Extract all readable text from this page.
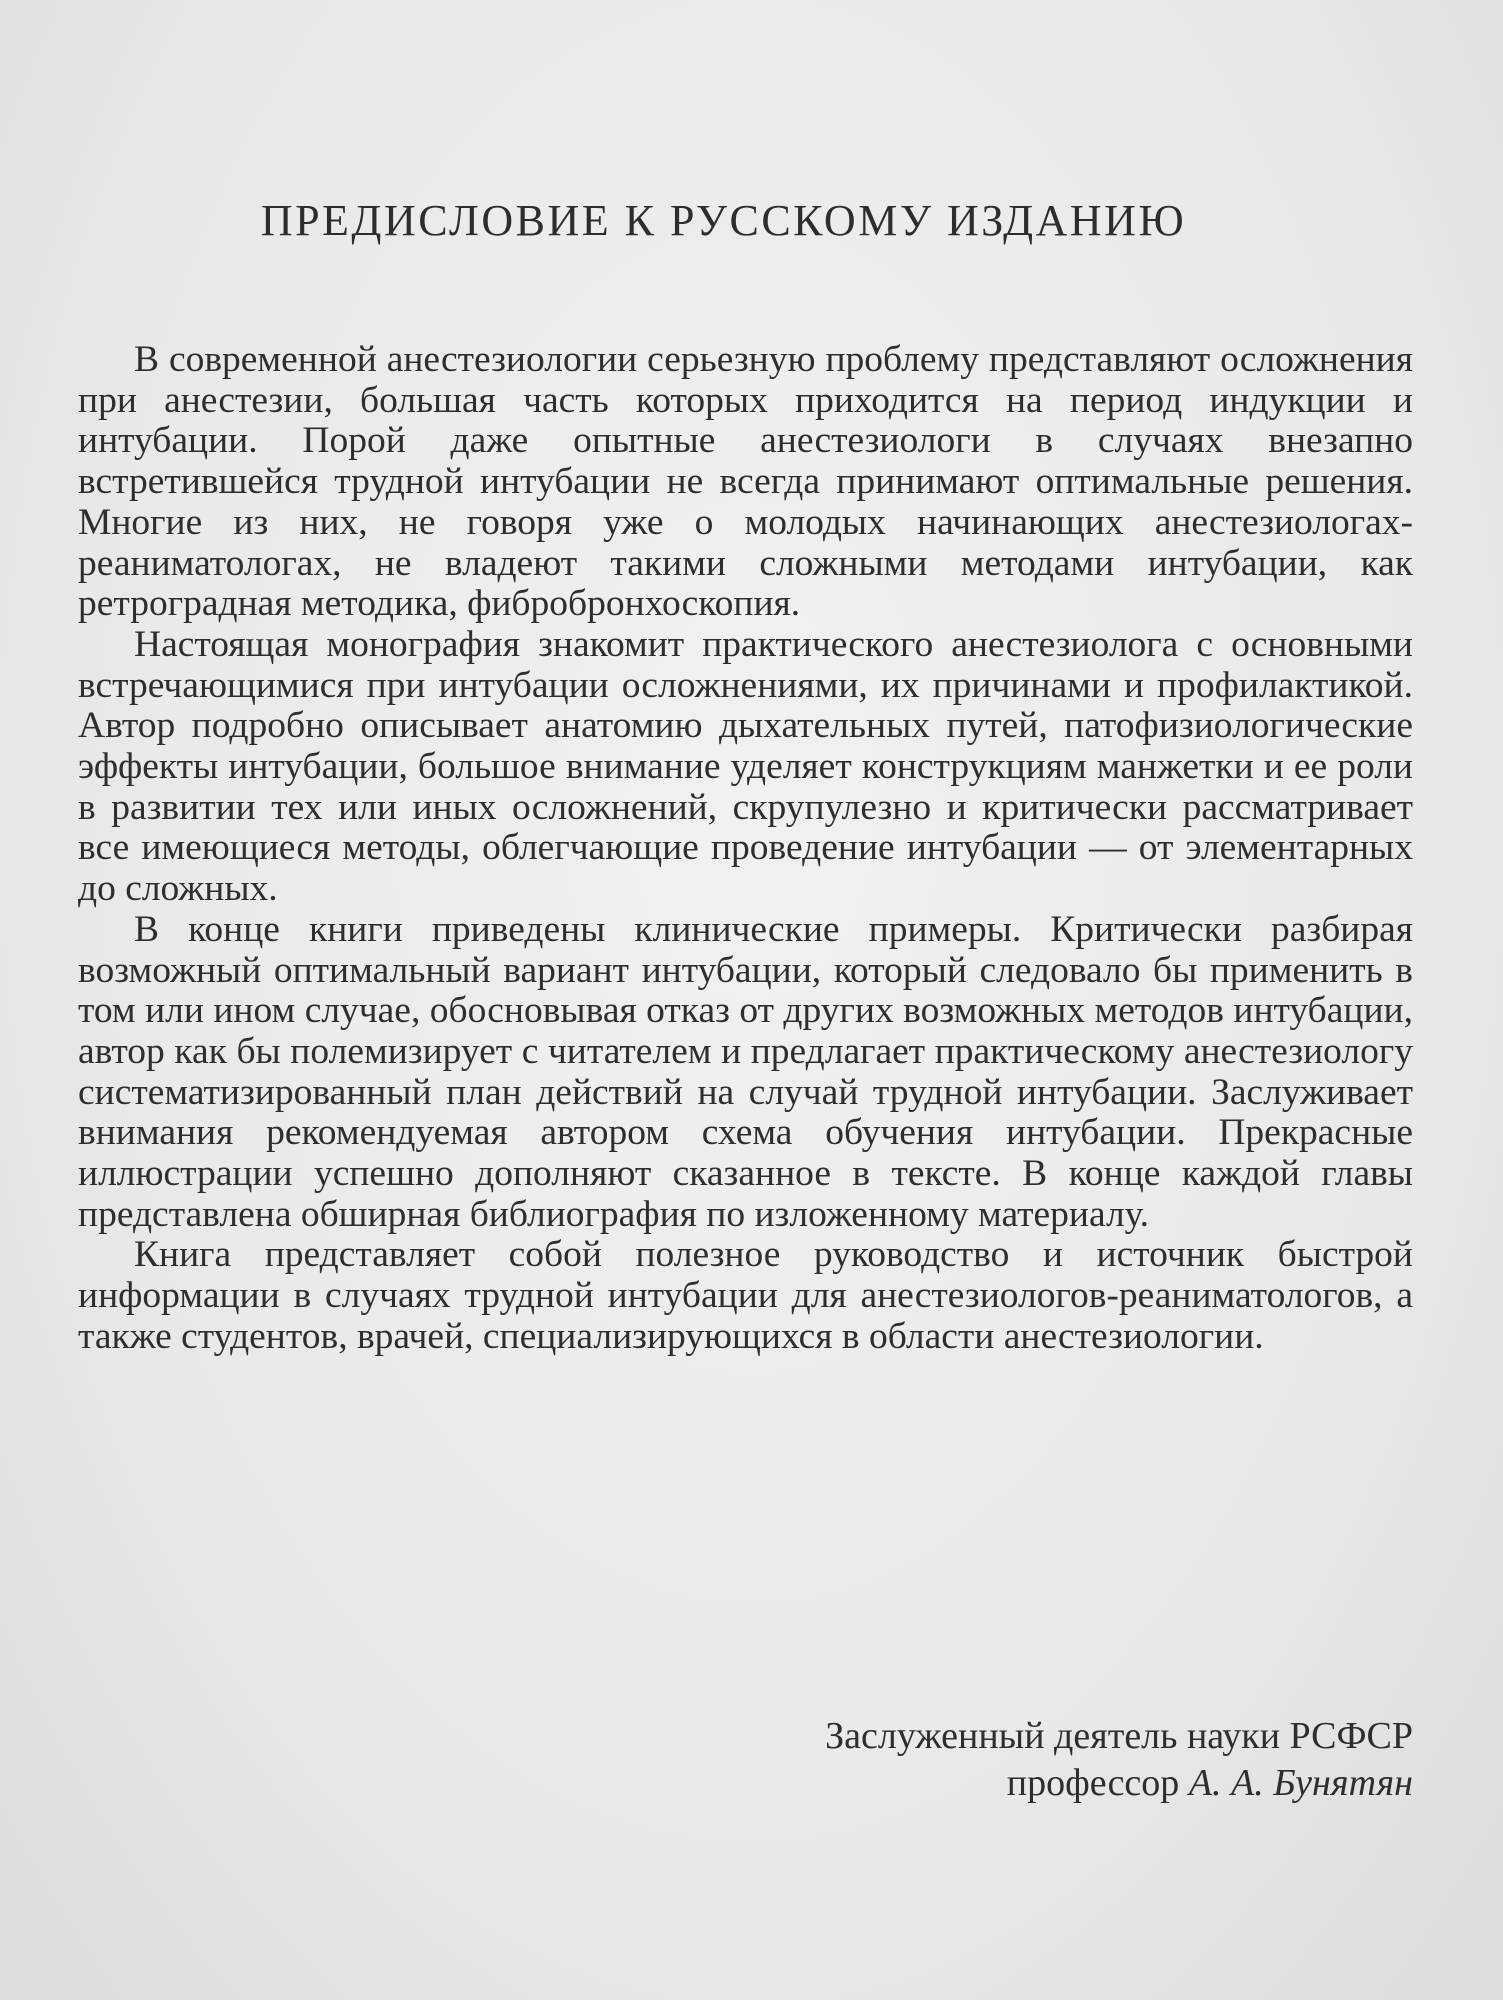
ПРЕДИСЛОВИЕ К РУССКОМУ ИЗДАНИЮ

В современной анестезиологии серьезную проблему представляют осложнения при анестезии, большая часть которых приходится на период индукции и интубации. Порой даже опытные анестезиологи в случаях внезапно встретившейся трудной интубации не всегда принимают оптимальные решения. Многие из них, не говоря уже о молодых начинающих анестезиологах-реаниматологах, не владеют такими сложными методами интубации, как ретроградная методика, фибробронхоскопия.

Настоящая монография знакомит практического анестезиолога с основными встречающимися при интубации осложнениями, их причинами и профилактикой. Автор подробно описывает анатомию дыхательных путей, патофизиологические эффекты интубации, большое внимание уделяет конструкциям манжетки и ее роли в развитии тех или иных осложнений, скрупулезно и критически рассматривает все имеющиеся методы, облегчающие проведение интубации — от элементарных до сложных.

В конце книги приведены клинические примеры. Критически разбирая возможный оптимальный вариант интубации, который следовало бы применить в том или ином случае, обосновывая отказ от других возможных методов интубации, автор как бы полемизирует с читателем и предлагает практическому анестезиологу систематизированный план действий на случай трудной интубации. Заслуживает внимания рекомендуемая автором схема обучения интубации. Прекрасные иллюстрации успешно дополняют сказанное в тексте. В конце каждой главы представлена обширная библиография по изложенному материалу.

Книга представляет собой полезное руководство и источник быстрой информации в случаях трудной интубации для анестезиологов-реаниматологов, а также студентов, врачей, специализирующихся в области анестезиологии.

Заслуженный деятель науки РСФСР
профессор А. А. Бунятян
